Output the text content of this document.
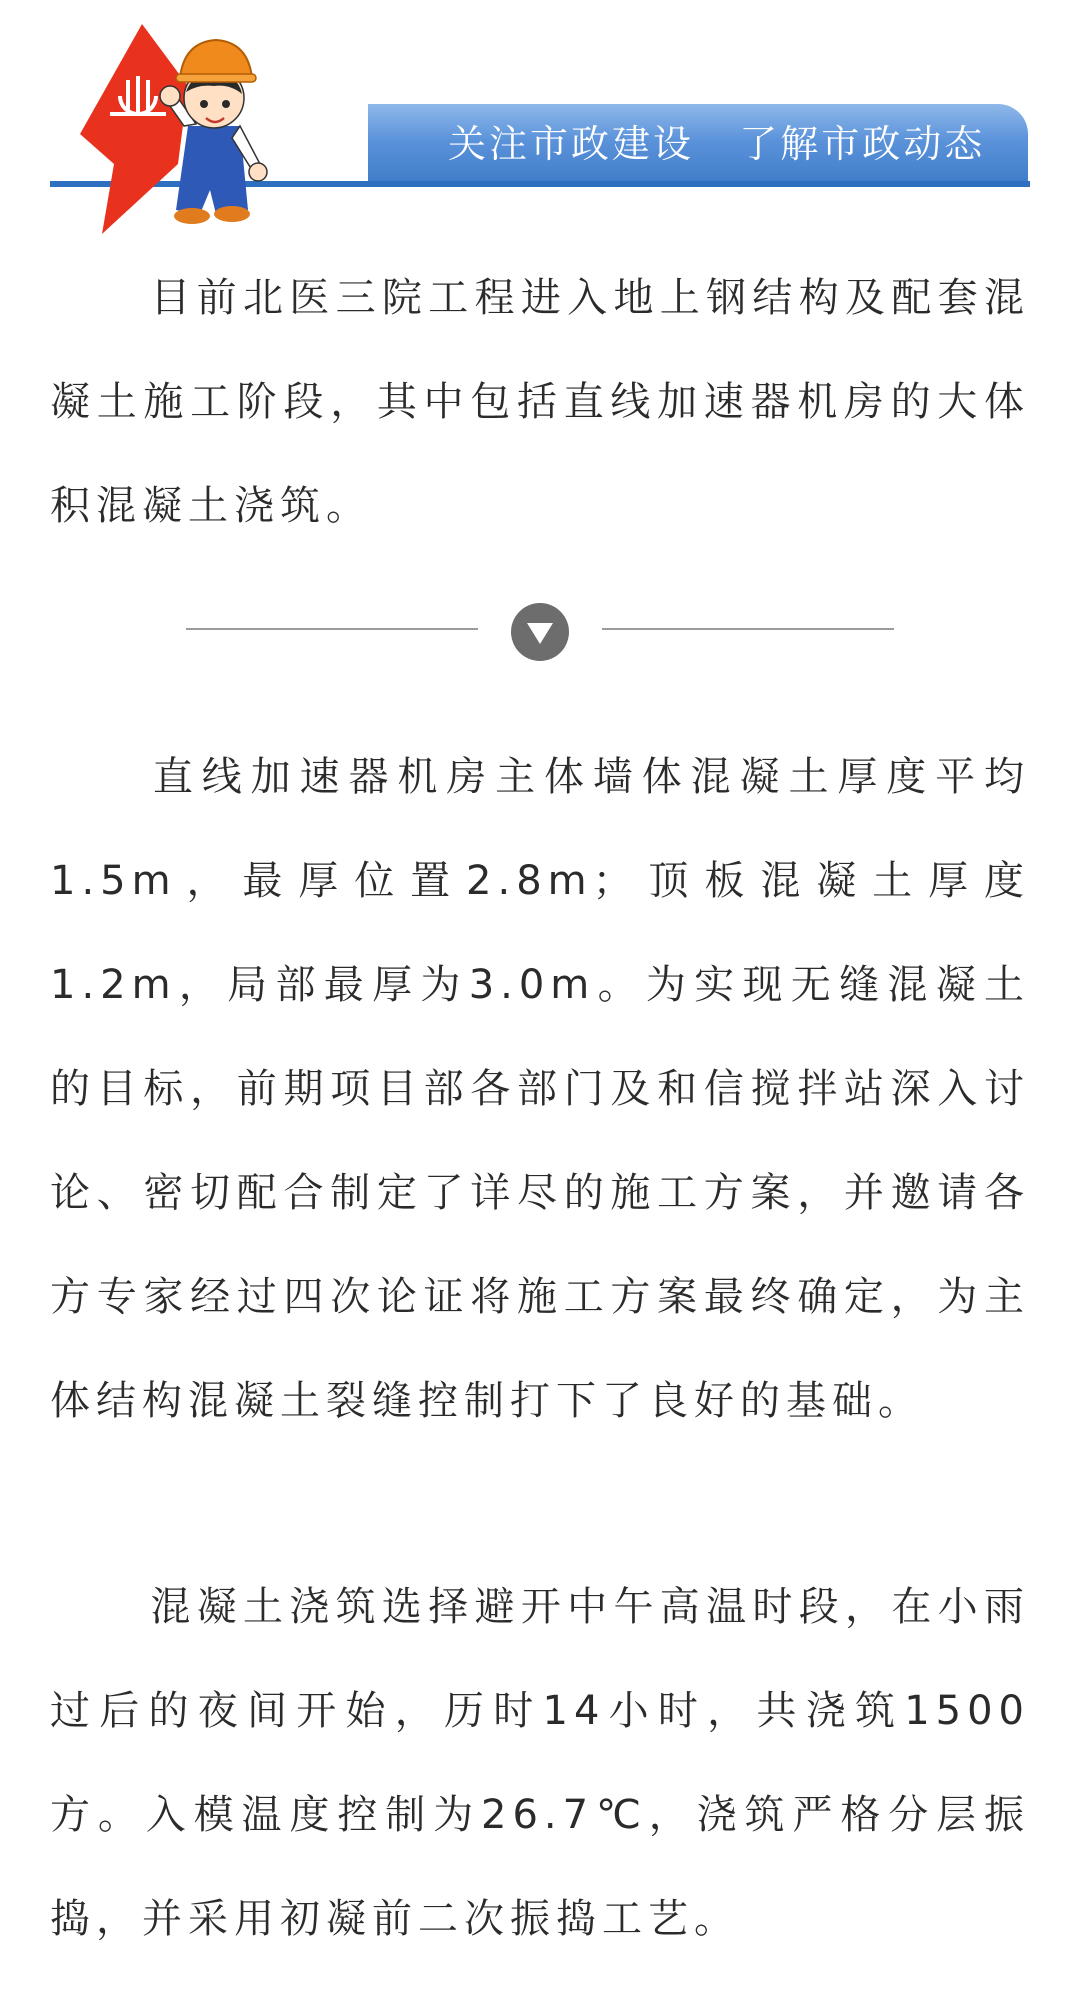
关注市政建设   了解市政动态

目前北医三院工程进入地上钢结构及配套混凝土施工阶段，其中包括直线加速器机房的大体积混凝土浇筑。

直线加速器机房主体墙体混凝土厚度平均1.5m，最厚位置2.8m；顶板混凝土厚度1.2m，局部最厚为3.0m。为实现无缝混凝土的目标，前期项目部各部门及和信搅拌站深入讨论、密切配合制定了详尽的施工方案，并邀请各方专家经过四次论证将施工方案最终确定，为主体结构混凝土裂缝控制打下了良好的基础。

混凝土浇筑选择避开中午高温时段，在小雨过后的夜间开始，历时14小时，共浇筑1500方。入模温度控制为26.7℃，浇筑严格分层振捣，并采用初凝前二次振捣工艺。
